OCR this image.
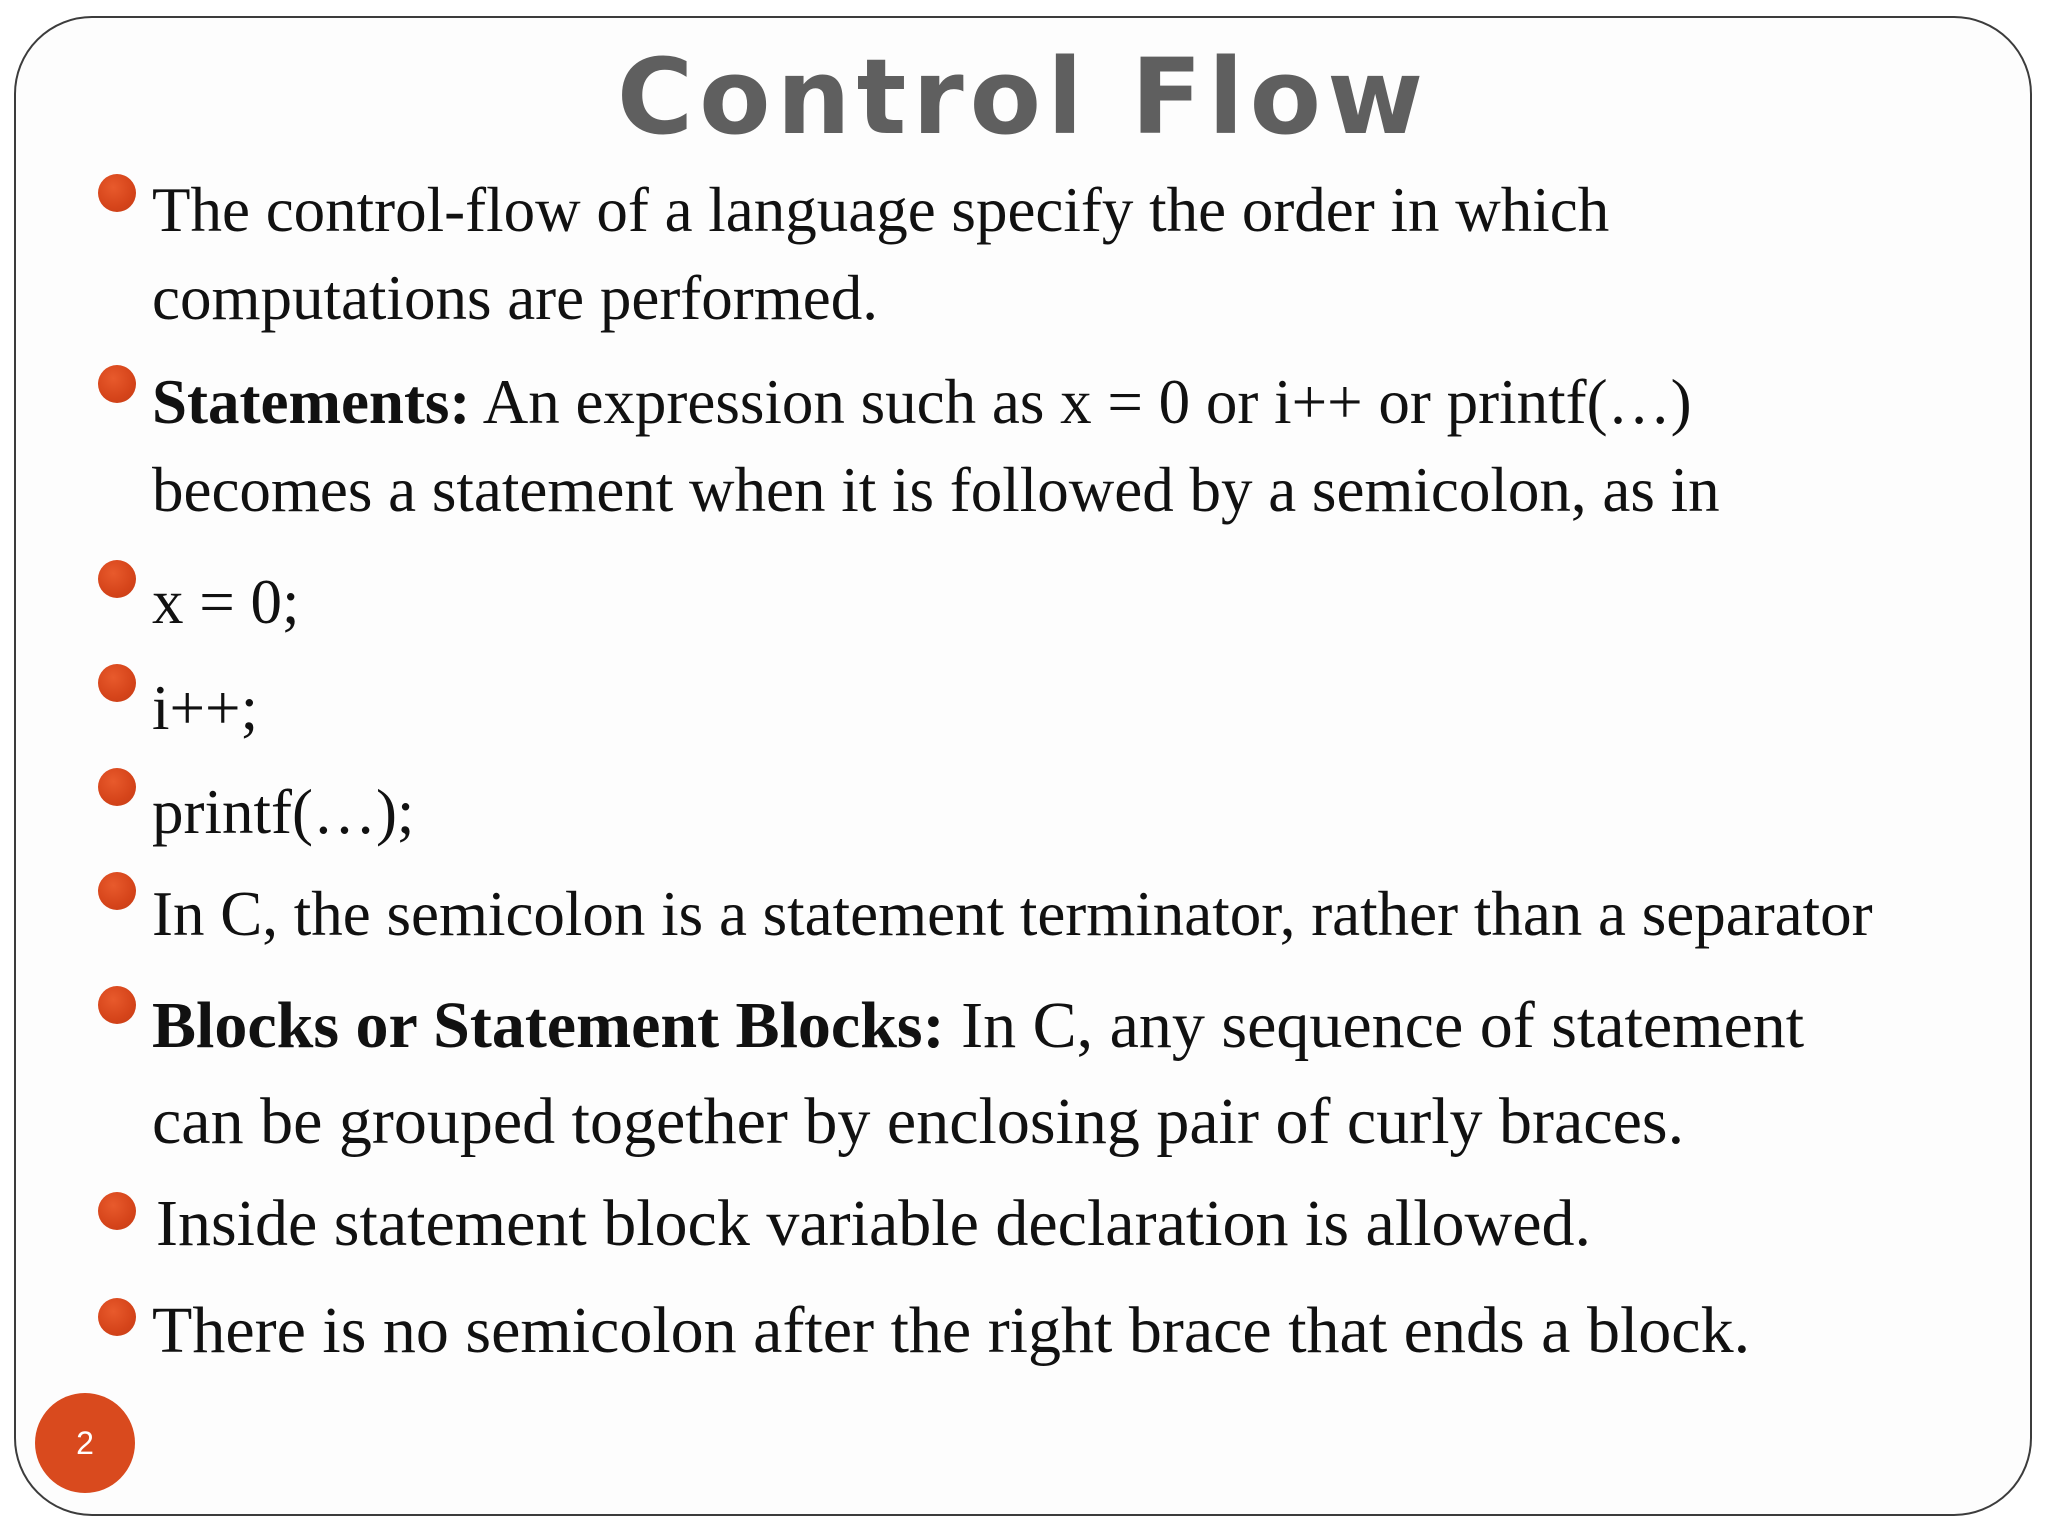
Control Flow
The control-flow of a language specify the order in which
computations are performed.
Statements: An expression such as x = 0 or i++ or printf(…)
becomes a statement when it is followed by a semicolon, as in
x = 0;
i++;
printf(…);
In C, the semicolon is a statement terminator, rather than a separator
Blocks or Statement Blocks: In C, any sequence of statement
can be grouped together by enclosing pair of curly braces.
Inside statement block variable declaration is allowed.
There is no semicolon after the right brace that ends a block.
2
